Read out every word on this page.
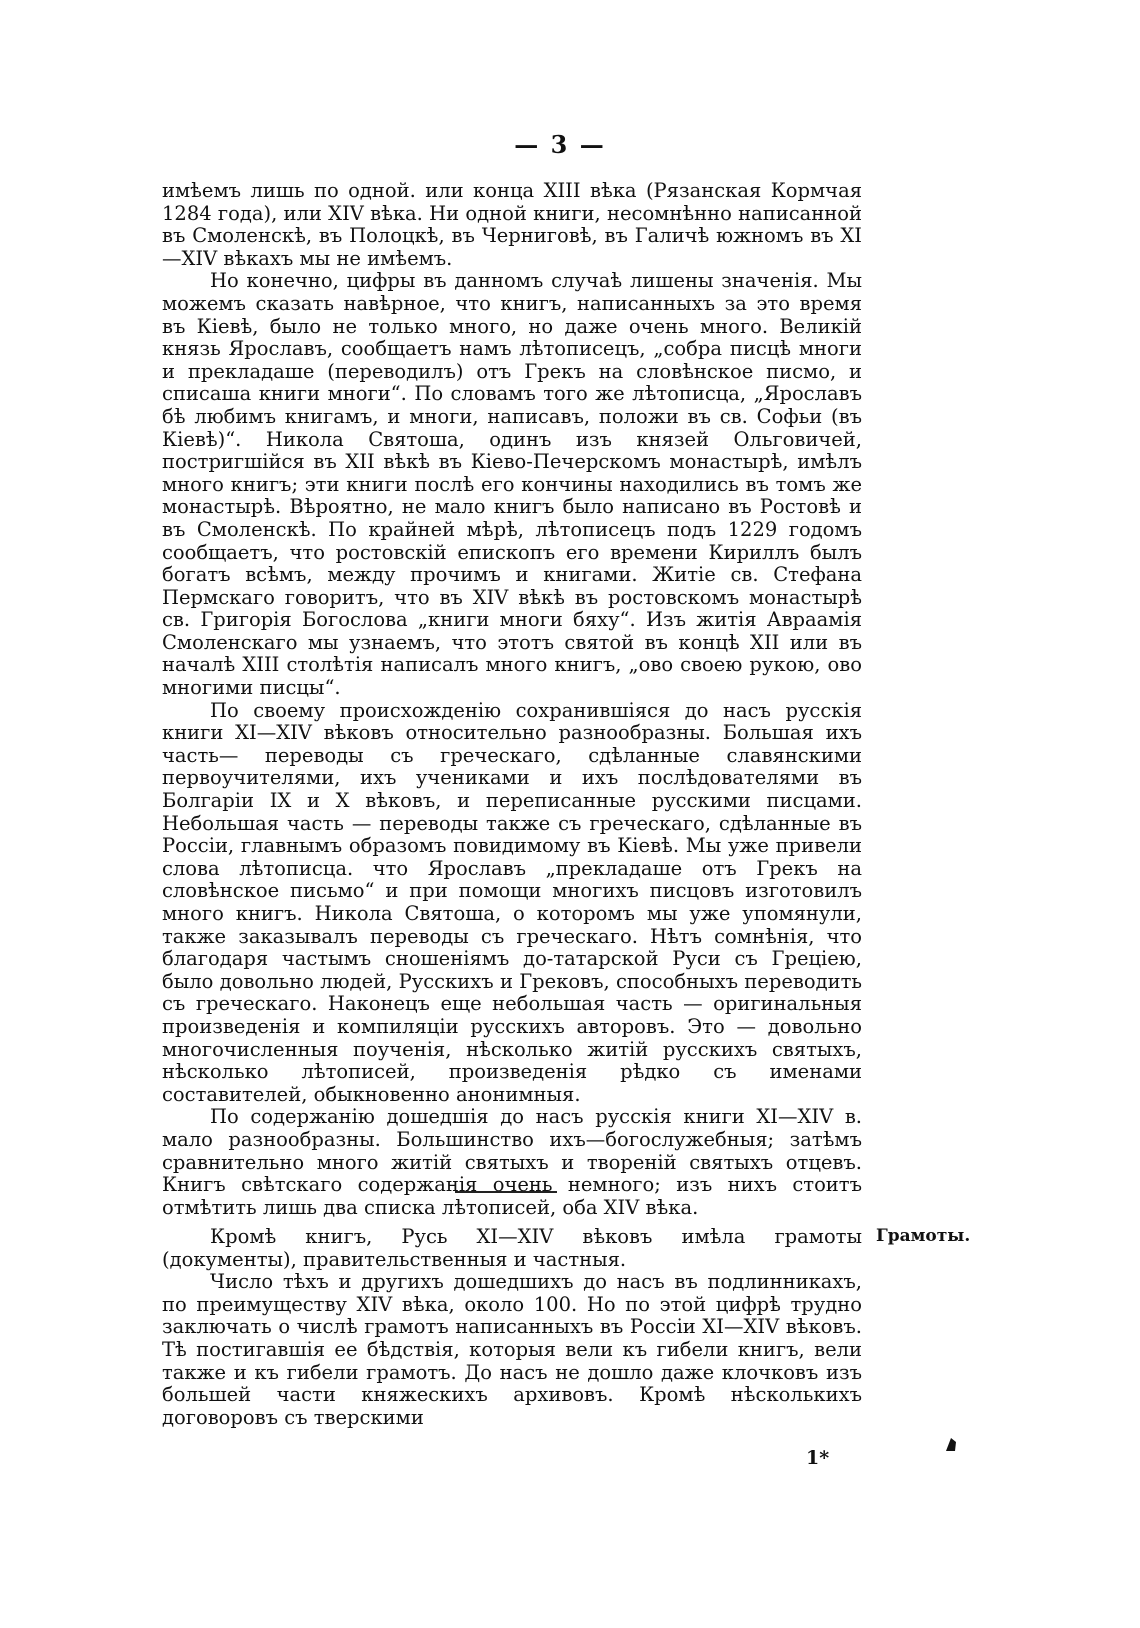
— 3 —

имѣемъ лишь по одной. или конца XIII вѣка (Рязанская Кормчая 1284 года), или XIV вѣка. Ни одной книги, несомнѣнно написанной въ Смоленскѣ, въ Полоцкѣ, въ Черниговѣ, въ Галичѣ южномъ въ XI—XIV вѣкахъ мы не имѣемъ.

Но конечно, цифры въ данномъ случаѣ лишены значенія. Мы можемъ сказать навѣрное, что книгъ, написанныхъ за это время въ Кіевѣ, было не только много, но даже очень много. Великій князь Ярославъ, сообщаетъ намъ лѣтописецъ, „собра писцѣ многи и прекладаше (переводилъ) отъ Грекъ на словѣнское писмо, и списаша книги многи“. По словамъ того же лѣтописца, „Ярославъ бѣ любимъ книгамъ, и многи, написавъ, положи въ св. Софьи (въ Кіевѣ)“. Никола Святоша, одинъ изъ князей Ольговичей, постригшійся въ XII вѣкѣ въ Кіево-Печерскомъ монастырѣ, имѣлъ много книгъ; эти книги послѣ его кончины находились въ томъ же монастырѣ. Вѣроятно, не мало книгъ было написано въ Ростовѣ и въ Смоленскѣ. По крайней мѣрѣ, лѣтописецъ подъ 1229 годомъ сообщаетъ, что ростовскій епископъ его времени Кириллъ былъ богатъ всѣмъ, между прочимъ и книгами. Житіе св. Стефана Пермскаго говоритъ, что въ XIV вѣкѣ въ ростовскомъ монастырѣ св. Григорія Богослова „книги многи бяху“. Изъ житія Авраамія Смоленскаго мы узнаемъ, что этотъ святой въ концѣ XII или въ началѣ XIII столѣтія написалъ много книгъ, „ово своею рукою, ово многими писцы“.

По своему происхожденію сохранившіяся до насъ русскія книги XI—XIV вѣковъ относительно разнообразны. Большая ихъ часть— переводы съ греческаго, сдѣланные славянскими первоучителями, ихъ учениками и ихъ послѣдователями въ Болгаріи IX и X вѣковъ, и переписанные русскими писцами. Небольшая часть — переводы также съ греческаго, сдѣланные въ Россіи, главнымъ образомъ повидимому въ Кіевѣ. Мы уже привели слова лѣтописца. что Ярославъ „прекладаше отъ Грекъ на словѣнское письмо“ и при помощи многихъ писцовъ изготовилъ много книгъ. Никола Святоша, о которомъ мы уже упомянули, также заказывалъ переводы съ греческаго. Нѣтъ сомнѣнія, что благодаря частымъ сношеніямъ до-татарской Руси съ Греціею, было довольно людей, Русскихъ и Грековъ, способныхъ переводить съ греческаго. Наконецъ еще небольшая часть — оригинальныя произведенія и компиляціи русскихъ авторовъ. Это — довольно многочисленныя поученія, нѣсколько житій русскихъ святыхъ, нѣсколько лѣтописей, произведенія рѣдко съ именами составителей, обыкновенно анонимныя.

По содержанію дошедшія до насъ русскія книги XI—XIV в. мало разнообразны. Большинство ихъ—богослужебныя; затѣмъ сравнительно много житій святыхъ и твореній святыхъ отцевъ. Книгъ свѣтскаго содержанія очень немного; изъ нихъ стоитъ отмѣтить лишь два списка лѣтописей, оба XIV вѣка.

Кромѣ книгъ, Русь XI—XIV вѣковъ имѣла грамоты (документы), правительственныя и частныя.

Число тѣхъ и другихъ дошедшихъ до насъ въ подлинникахъ, по преимуществу XIV вѣка, около 100. Но по этой цифрѣ трудно заключать о числѣ грамотъ написанныхъ въ Россіи XI—XIV вѣковъ. Тѣ постигавшія ее бѣдствія, которыя вели къ гибели книгъ, вели также и къ гибели грамотъ. До насъ не дошло даже клочковъ изъ большей части княжескихъ архивовъ. Кромѣ нѣсколькихъ договоровъ съ тверскими

Грамоты.
1*
